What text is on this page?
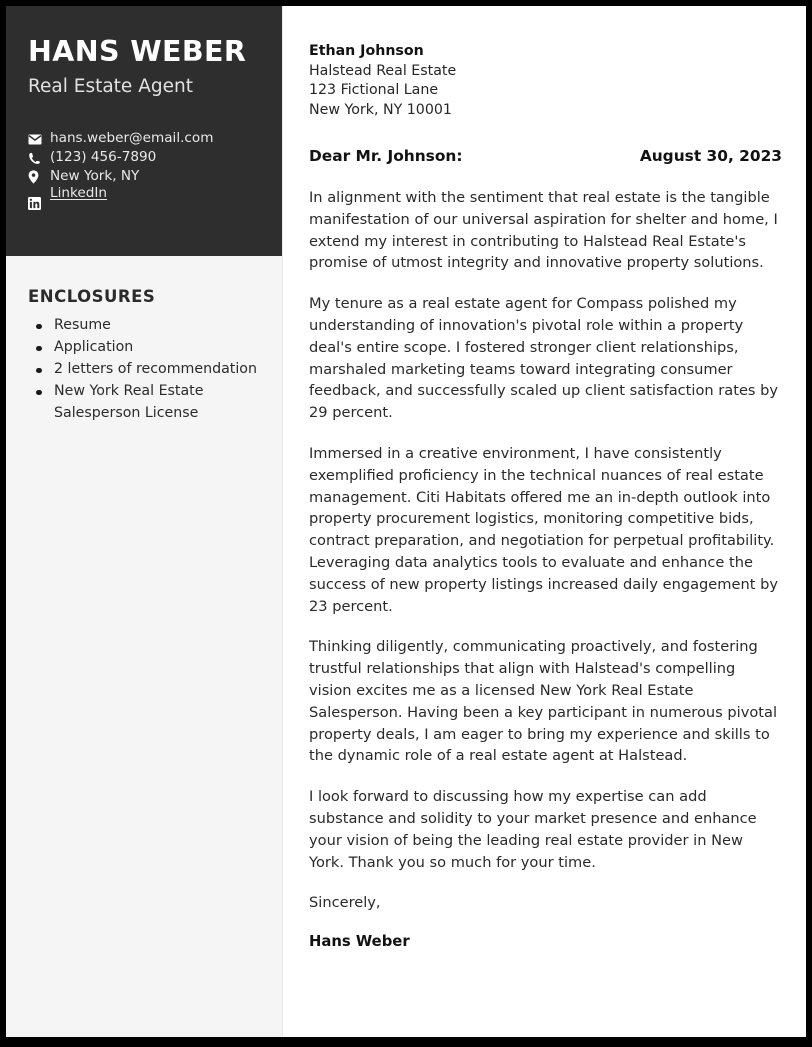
HANS WEBER
Real Estate Agent
hans.weber@email.com
(123) 456-7890
New York, NY
LinkedIn
ENCLOSURES
Resume
Application
2 letters of recommendation
New York Real Estate Salesperson License
Ethan Johnson
Halstead Real Estate
123 Fictional Lane
New York, NY 10001
Dear Mr. Johnson:	August 30, 2023

In alignment with the sentiment that real estate is the tangible manifestation of our universal aspiration for shelter and home, I extend my interest in contributing to Halstead Real Estate's promise of utmost integrity and innovative property solutions.

My tenure as a real estate agent for Compass polished my understanding of innovation's pivotal role within a property deal's entire scope. I fostered stronger client relationships, marshaled marketing teams toward integrating consumer feedback, and successfully scaled up client satisfaction rates by 29 percent.

Immersed in a creative environment, I have consistently exemplified proficiency in the technical nuances of real estate management. Citi Habitats offered me an in-depth outlook into property procurement logistics, monitoring competitive bids, contract preparation, and negotiation for perpetual profitability. Leveraging data analytics tools to evaluate and enhance the success of new property listings increased daily engagement by 23 percent.

Thinking diligently, communicating proactively, and fostering trustful relationships that align with Halstead's compelling vision excites me as a licensed New York Real Estate Salesperson. Having been a key participant in numerous pivotal property deals, I am eager to bring my experience and skills to the dynamic role of a real estate agent at Halstead.

I look forward to discussing how my expertise can add substance and solidity to your market presence and enhance your vision of being the leading real estate provider in New York. Thank you so much for your time.

Sincerely,

Hans Weber
